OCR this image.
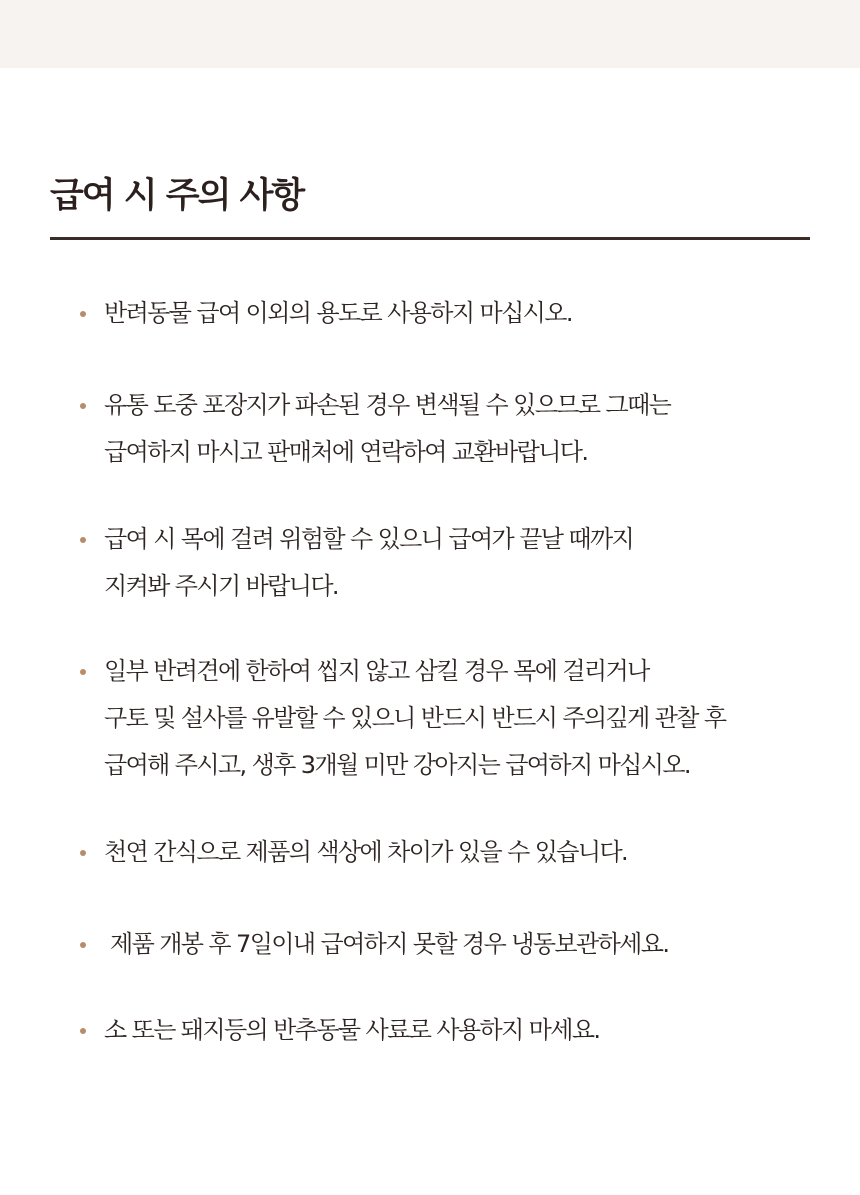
급여 시 주의 사항
반려동물 급여 이외의 용도로 사용하지 마십시오.
유통 도중 포장지가 파손된 경우 변색될 수 있으므로 그때는
급여하지 마시고 판매처에 연락하여 교환바랍니다.
급여 시 목에 걸려 위험할 수 있으니 급여가 끝날 때까지
지켜봐 주시기 바랍니다.
일부 반려견에 한하여 씹지 않고 삼킬 경우 목에 걸리거나
구토 및 설사를 유발할 수 있으니 반드시 반드시 주의깊게 관찰 후
급여해 주시고, 생후 3개월 미만 강아지는 급여하지 마십시오.
천연 간식으로 제품의 색상에 차이가 있을 수 있습니다.
제품 개봉 후 7일이내 급여하지 못할 경우 냉동보관하세요.
소 또는 돼지등의 반추동물 사료로 사용하지 마세요.
